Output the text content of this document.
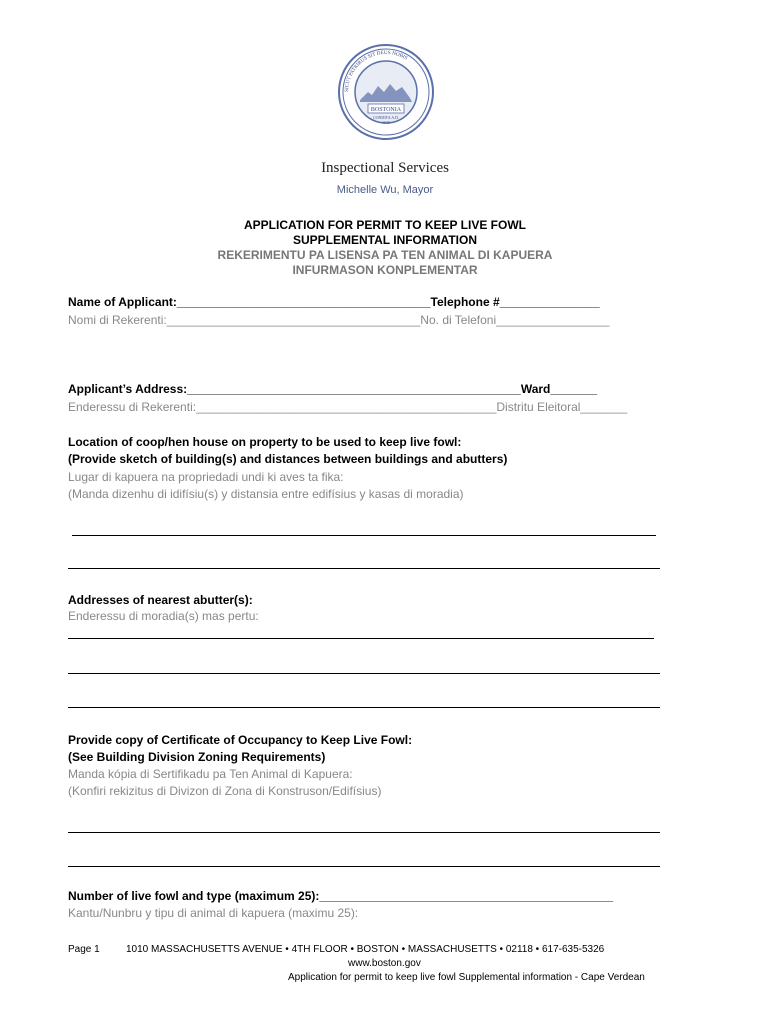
BOSTONIA
CONDITA A.D.
1630
SICUT PATRIBUS SIT DEUS NOBIS
Inspectional Services
Michelle Wu, Mayor
APPLICATION FOR PERMIT TO KEEP LIVE FOWL
SUPPLEMENTAL INFORMATION
REKERIMENTU PA LISENSA PA TEN ANIMAL DI KAPUERA
INFURMASON KONPLEMENTAR
Name of Applicant:______________________________________Telephone #_______________
Nomi di Rekerenti:______________________________________No. di Telefoni_________________
Applicant’s Address:__________________________________________________Ward_______
Enderessu di Rekerenti:_____________________________________________Distritu Eleitoral_______
Location of coop/hen house on property to be used to keep live fowl:
(Provide sketch of building(s) and distances between buildings and abutters)
Lugar di kapuera na propriedadi undi ki aves ta fika:
(Manda dizenhu di idifísiu(s) y distansia entre edifísius y kasas di moradia)
Addresses of nearest abutter(s):
Enderessu di moradia(s) mas pertu:
Provide copy of Certificate of Occupancy to Keep Live Fowl:
(See Building Division Zoning Requirements)
Manda kópia di Sertifikadu pa Ten Animal di Kapuera:
(Konfiri rekizitus di Divizon di Zona di Konstruson/Edifísius)
Number of live fowl and type (maximum 25):____________________________________________
Kantu/Nunbru y tipu di animal di kapuera (maximu 25):
Page 1	1010 MASSACHUSETTS AVENUE • 4TH FLOOR • BOSTON • MASSACHUSETTS • 02118 • 617-635-5326
www.boston.gov
Application for permit to keep live fowl Supplemental information - Cape Verdean
